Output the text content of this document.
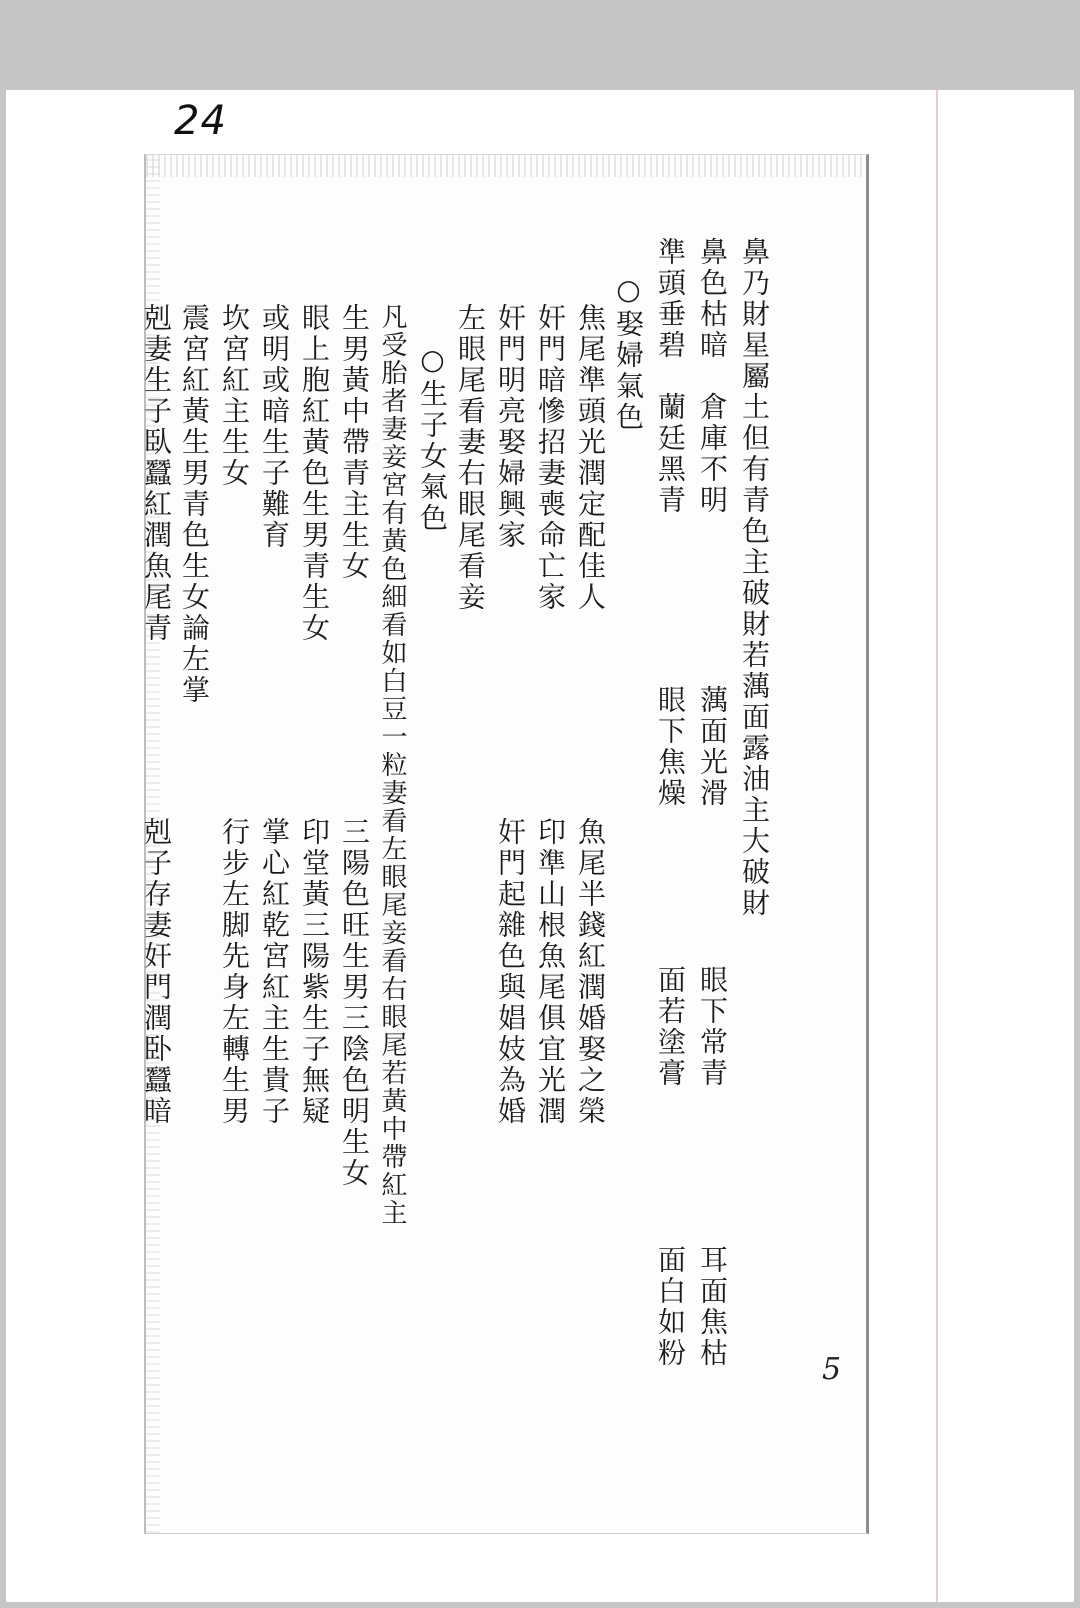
24
鼻乃財星屬土但有青色主破財若蕅面露油主大破財
鼻色枯暗　倉庫不明
蕅面光滑
眼下常青
耳面焦枯
準頭垂碧　蘭廷黑青
眼下焦燥
面若塗膏
面白如粉
○娶婦氣色
焦尾準頭光潤定配佳人
魚尾半錢紅潤婚娶之榮
奸門暗慘招妻喪命亡家
印準山根魚尾俱宜光潤
奸門明亮娶婦興家
奸門起雜色與娼妓為婚
左眼尾看妻右眼尾看妾
○生子女氣色
凡受胎者妻妾宮有黃色細看如白豆一粒妻看左眼尾妾看右眼尾若黃中帶紅主
生男黃中帶青主生女
三陽色旺生男三陰色明生女
眼上胞紅黃色生男青生女
印堂黃三陽紫生子無疑
或明或暗生子難育
掌心紅乾宮紅主生貴子
坎宮紅主生女
行步左脚先身左轉生男
震宮紅黃生男青色生女論左掌
剋妻生子臥蠶紅潤魚尾青
剋子存妻奸門潤卧蠶暗
5
